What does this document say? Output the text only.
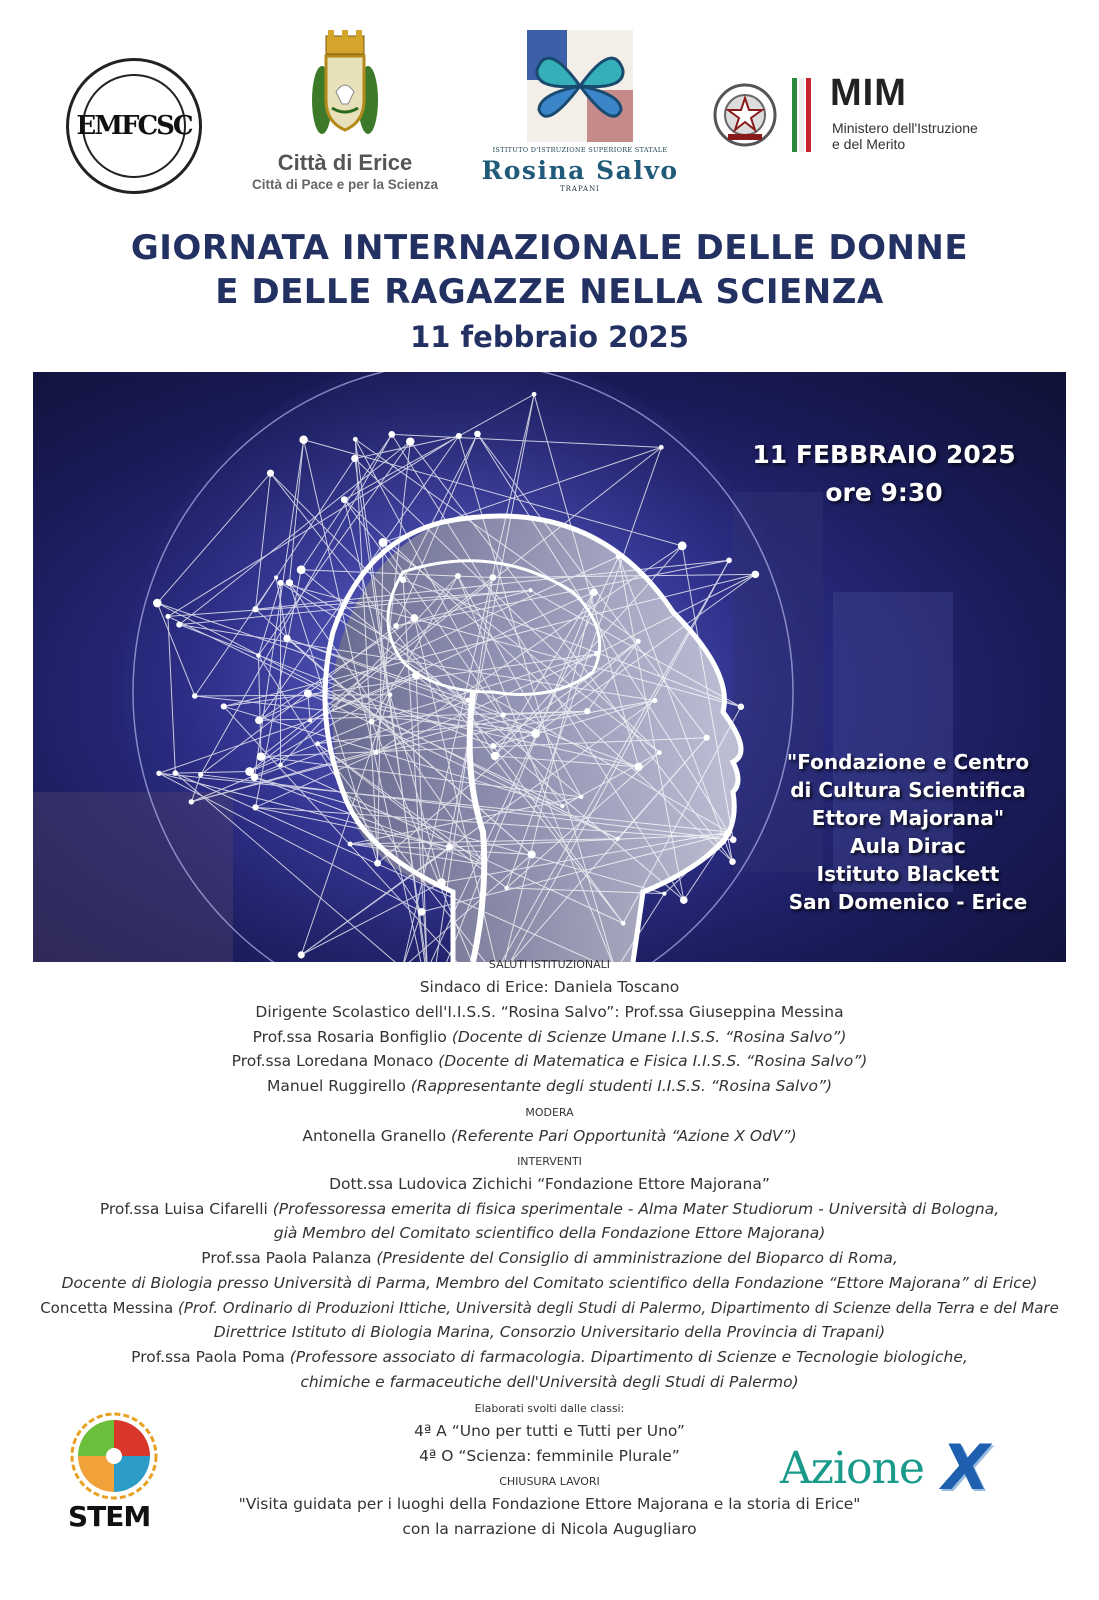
EMFCSC
Città di Erice
Città di Pace e per la Scienza
ISTITUTO D'ISTRUZIONE SUPERIORE STATALE
Rosina Salvo
TRAPANI
MIM
Ministero dell'Istruzione
e del Merito
GIORNATA INTERNAZIONALE DELLE DONNE
E DELLE RAGAZZE NELLA SCIENZA
11 febbraio 2025
11 FEBBRAIO 2025
ore 9:30
"Fondazione e Centro
di Cultura Scientifica
Ettore Majorana"
Aula Dirac
Istituto Blackett
San Domenico - Erice
SALUTI ISTITUZIONALI
Sindaco di Erice: Daniela Toscano
Dirigente Scolastico dell'I.I.S.S. “Rosina Salvo”: Prof.ssa Giuseppina Messina
Prof.ssa Rosaria Bonfiglio (Docente di Scienze Umane I.I.S.S. “Rosina Salvo”)
Prof.ssa Loredana Monaco (Docente di Matematica e Fisica I.I.S.S. “Rosina Salvo”)
Manuel Ruggirello (Rappresentante degli studenti I.I.S.S. “Rosina Salvo”)
MODERA
Antonella Granello (Referente Pari Opportunità “Azione X OdV”)
INTERVENTI
Dott.ssa Ludovica Zichichi “Fondazione Ettore Majorana”
Prof.ssa Luisa Cifarelli (Professoressa emerita di fisica sperimentale - Alma Mater Studiorum - Università di Bologna,
già Membro del Comitato scientifico della Fondazione Ettore Majorana)
Prof.ssa Paola Palanza (Presidente del Consiglio di amministrazione del Bioparco di Roma,
Docente di Biologia presso Università di Parma, Membro del Comitato scientifico della Fondazione “Ettore Majorana” di Erice)
Concetta Messina (Prof. Ordinario di Produzioni Ittiche, Università degli Studi di Palermo, Dipartimento di Scienze della Terra e del Mare
Direttrice Istituto di Biologia Marina, Consorzio Universitario della Provincia di Trapani)
Prof.ssa Paola Poma (Professore associato di farmacologia. Dipartimento di Scienze e Tecnologie biologiche,
chimiche e farmaceutiche dell'Università degli Studi di Palermo)
Elaborati svolti dalle classi:
4ª A “Uno per tutti e Tutti per Uno”
4ª O “Scienza: femminile Plurale”
CHIUSURA LAVORI
"Visita guidata per i luoghi della Fondazione Ettore Majorana e la storia di Erice"
con la narrazione di Nicola Augugliaro
STEM
Azione X
